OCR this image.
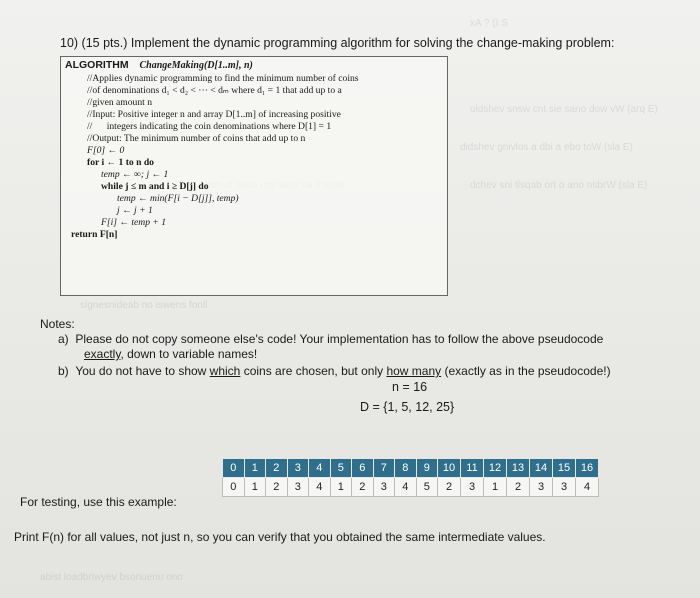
oldshev snsw cnt sie sano dow vW (arq E)
didshev gnivlos a dbi a ebo toW (sla E)
dchev sni tisqab ort o ano nsbrW (sla E)
signesnideab no iswens fonll
abist loadbriwyev bsonuenu ono
xA ? (I S
10) (15 pts.) Implement the dynamic programming algorithm for solving the change-making problem:
ALGORITHM ChangeMaking(D[1..m], n)
//Applies dynamic programming to find the minimum number of coins
//of denominations d₁ < d₂ < ··· < dₘ where d₁ = 1 that add up to a
//given amount n
//Input: Positive integer n and array D[1..m] of increasing positive
//      integers indicating the coin denominations where D[1] = 1
//Output: The minimum number of coins that add up to n
F[0] ← 0
for i ← 1 to n do
temp ← ∞; j ← 1
while j ≤ m and i ≥ D[j] do
temp ← min(F[i − D[j]], temp)
j ← j + 1
F[i] ← temp + 1
return F[n]
Notes:
a) Please do not copy someone else's code! Your implementation has to follow the above pseudocode
exactly, down to variable names!
b) You do not have to show which coins are chosen, but only how many (exactly as in the pseudocode!)
n = 16
D = {1, 5, 12, 25}
0	1	2	3	4	5	6	7	8	9	10	11	12	13	14	15	16
0	1	2	3	4	1	2	3	4	5	2	3	1	2	3	3	4
For testing, use this example:
Print F(n) for all values, not just n, so you can verify that you obtained the same intermediate values.
